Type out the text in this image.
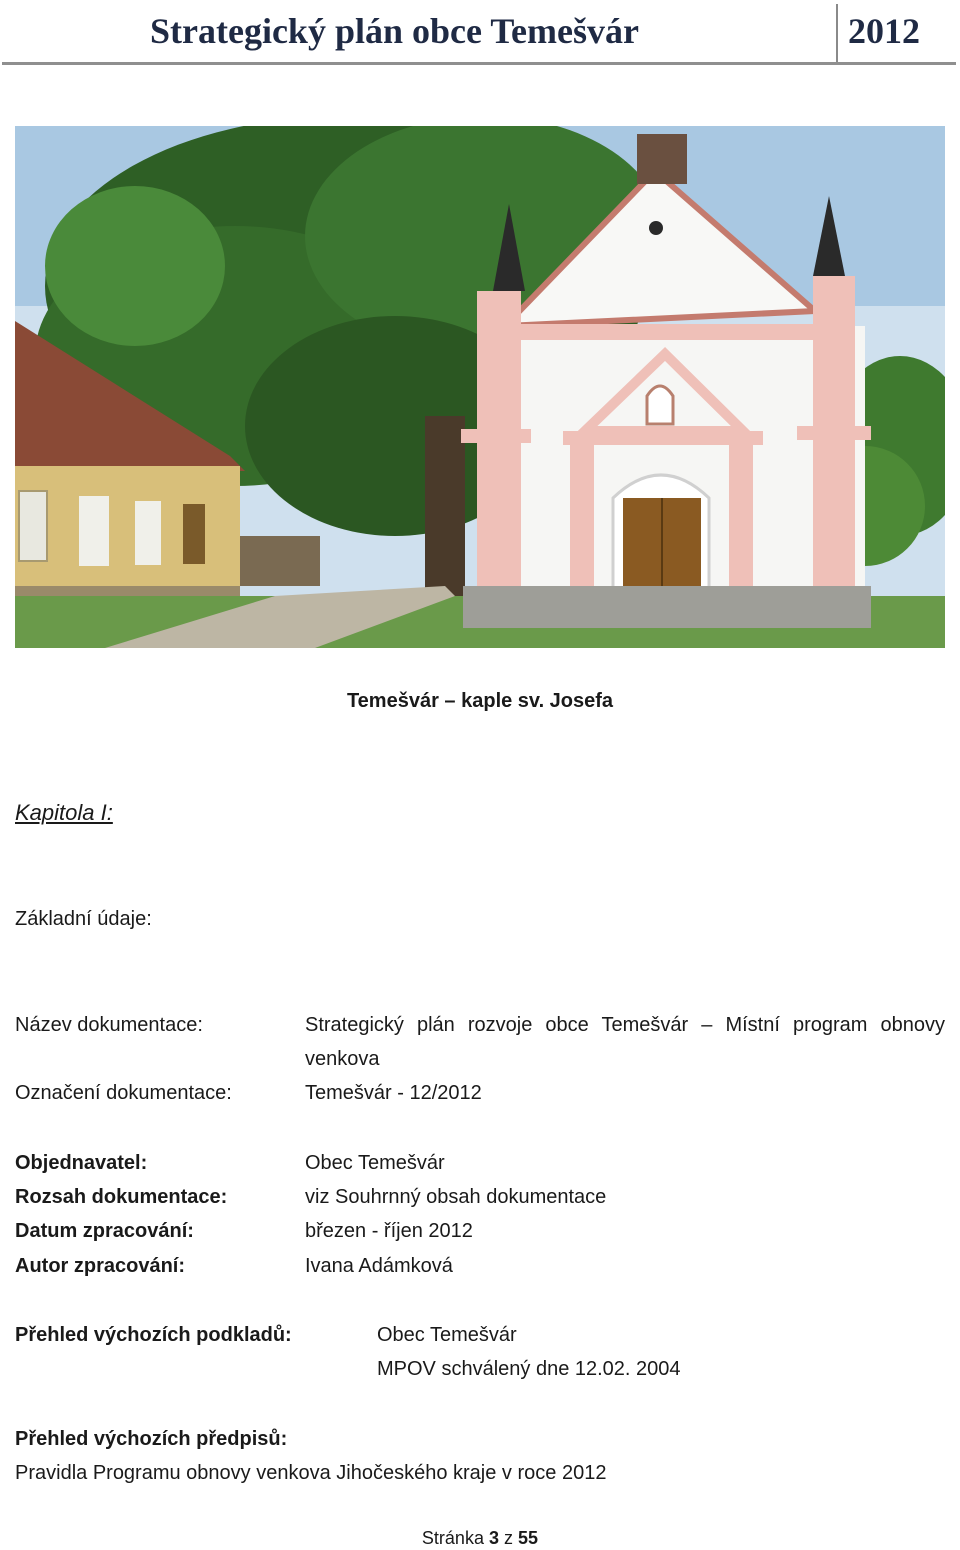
Strategický plán obce Temešvár	2012
Temešvár – kaple sv. Josefa
Kapitola I:
Základní údaje:
Název dokumentace:	Strategický plán rozvoje obce Temešvár – Místní program obnovy venkova
Označení dokumentace:	Temešvár - 12/2012
Objednavatel:	Obec Temešvár
Rozsah dokumentace:	viz Souhrnný obsah dokumentace
Datum zpracování:	březen - říjen 2012
Autor zpracování:	Ivana Adámková
Přehled výchozích podkladů:	Obec Temešvár
MPOV schválený dne 12.02. 2004
Přehled výchozích předpisů:
Pravidla Programu obnovy venkova Jihočeského kraje v roce 2012
Stránka 3 z 55
